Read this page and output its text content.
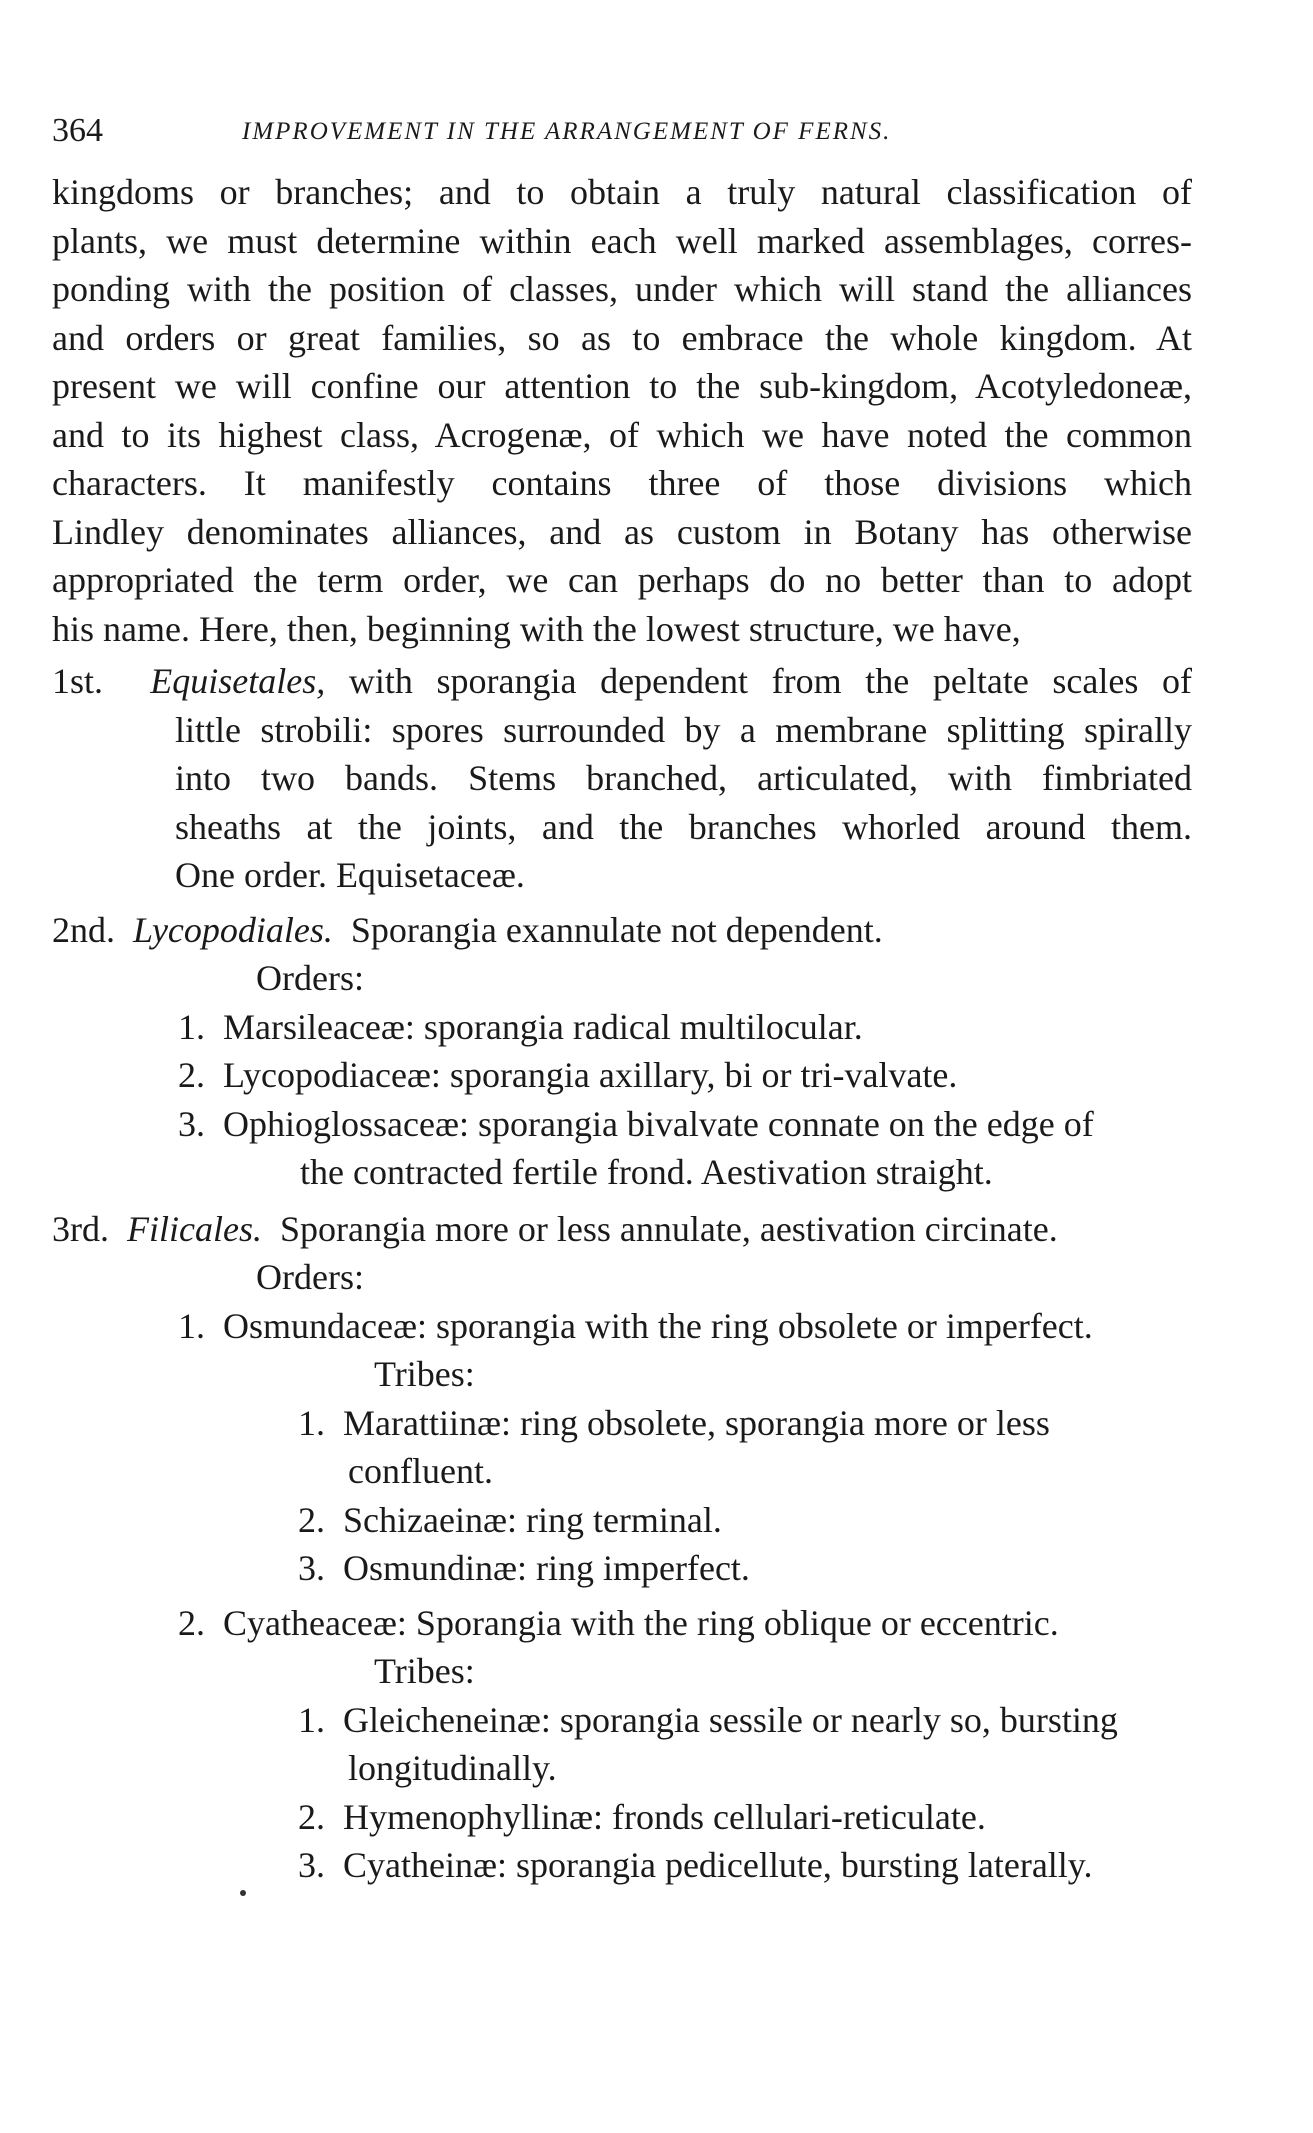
364	IMPROVEMENT IN THE ARRANGEMENT OF FERNS.

kingdoms or branches; and to obtain a truly natural classification of

plants, we must determine within each well marked assemblages, corres-

ponding with the position of classes, under which will stand the alliances

and orders or great families, so as to embrace the whole kingdom. At

present we will confine our attention to the sub-kingdom, Acotyledoneæ,

and to its highest class, Acrogenæ, of which we have noted the common

characters. It manifestly contains three of those divisions which

Lindley denominates alliances, and as custom in Botany has otherwise

appropriated the term order, we can perhaps do no better than to adopt

his name. Here, then, beginning with the lowest structure, we have,

1st. Equisetales, with sporangia dependent from the peltate scales of
little strobili: spores surrounded by a membrane splitting spirally
into two bands. Stems branched, articulated, with fimbriated
sheaths at the joints, and the branches whorled around them.
One order. Equisetaceæ.
2nd. Lycopodiales. Sporangia exannulate not dependent.
Orders:
1. Marsileaceæ: sporangia radical multilocular.
2. Lycopodiaceæ: sporangia axillary, bi or tri-valvate.
3. Ophioglossaceæ: sporangia bivalvate connate on the edge of
the contracted fertile frond. Aestivation straight.
3rd. Filicales. Sporangia more or less annulate, aestivation circinate.
Orders:
1. Osmundaceæ: sporangia with the ring obsolete or imperfect.
Tribes:
1. Marattiinæ: ring obsolete, sporangia more or less
confluent.
2. Schizaeinæ: ring terminal.
3. Osmundinæ: ring imperfect.
2. Cyatheaceæ: Sporangia with the ring oblique or eccentric.
Tribes:
1. Gleicheneinæ: sporangia sessile or nearly so, bursting
longitudinally.
2. Hymenophyllinæ: fronds cellulari-reticulate.
3. Cyatheinæ: sporangia pedicellute, bursting laterally.
